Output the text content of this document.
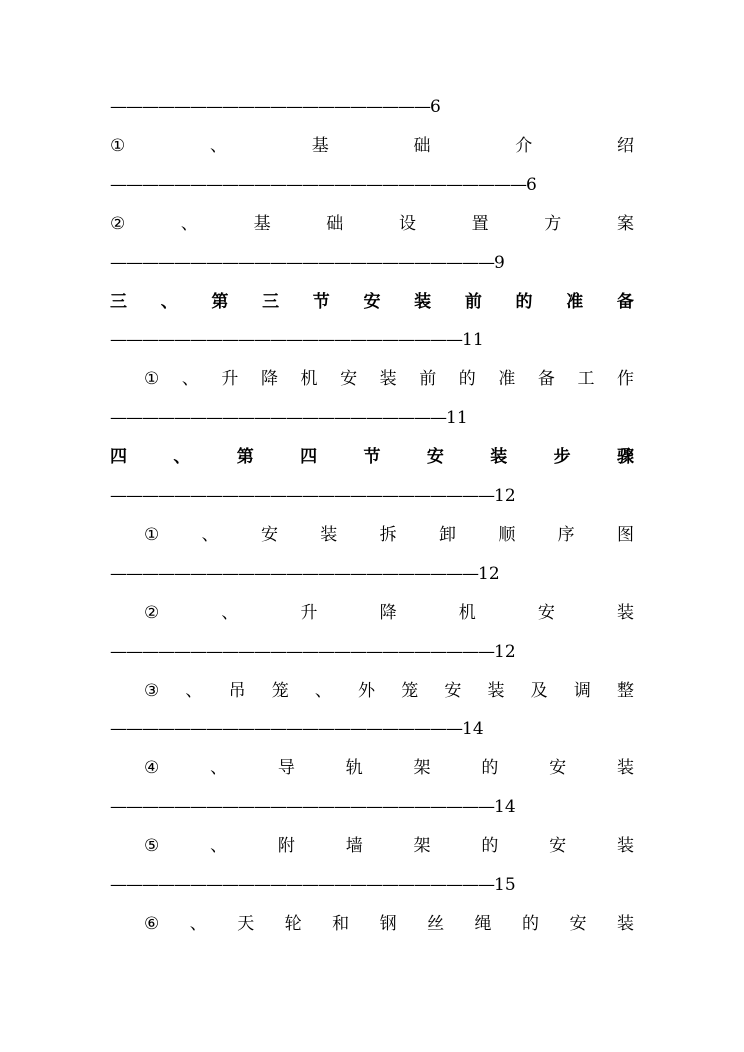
———————————————————— 6
①	、	基	础	介	绍
—————————————————————————— 6
②	、	基	础	设	置	方	案
———————————————————————— 9
三 、 第 三 节 安 装 前 的 准 备
—————————————————————— 11
① 、 升 降 机 安 装 前 的 准 备 工 作
————————————————————— 11
四	、	第	四	节	安	装	步	骤
———————————————————————— 12
① 、 安 装 拆 卸 顺 序 图
——————————————————————— 12
②	、	升	降	机	安	装
———————————————————————— 12
③ 、 吊 笼 、 外 笼 安 装 及 调 整
—————————————————————— 14
④	、	导	轨	架	的	安	装
———————————————————————— 14
⑤	、	附	墙	架	的	安	装
———————————————————————— 15
⑥ 、 天 轮 和 钢 丝 绳 的 安 装
